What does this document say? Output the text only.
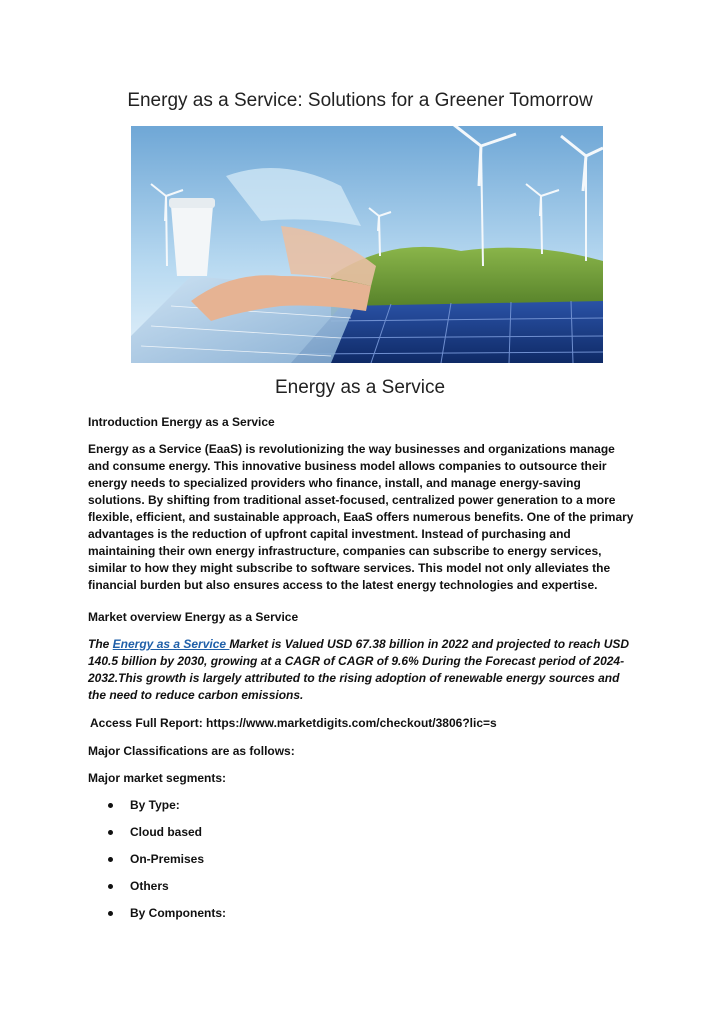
Energy as a Service: Solutions for a Greener Tomorrow
Energy as a Service
Introduction Energy as a Service
Energy as a Service (EaaS) is revolutionizing the way businesses and organizations manage and consume energy. This innovative business model allows companies to outsource their energy needs to specialized providers who finance, install, and manage energy-saving solutions. By shifting from traditional asset-focused, centralized power generation to a more flexible, efficient, and sustainable approach, EaaS offers numerous benefits. One of the primary advantages is the reduction of upfront capital investment. Instead of purchasing and maintaining their own energy infrastructure, companies can subscribe to energy services, similar to how they might subscribe to software services. This model not only alleviates the financial burden but also ensures access to the latest energy technologies and expertise.
Market overview Energy as a Service
The Energy as a Service Market is Valued USD 67.38 billion in 2022 and projected to reach USD 140.5 billion by 2030, growing at a CAGR of CAGR of 9.6% During the Forecast period of 2024-2032.This growth is largely attributed to the rising adoption of renewable energy sources and the need to reduce carbon emissions.
Access Full Report: https://www.marketdigits.com/checkout/3806?lic=s
Major Classifications are as follows:
Major market segments:
By Type:
Cloud based
On-Premises
Others
By Components:
